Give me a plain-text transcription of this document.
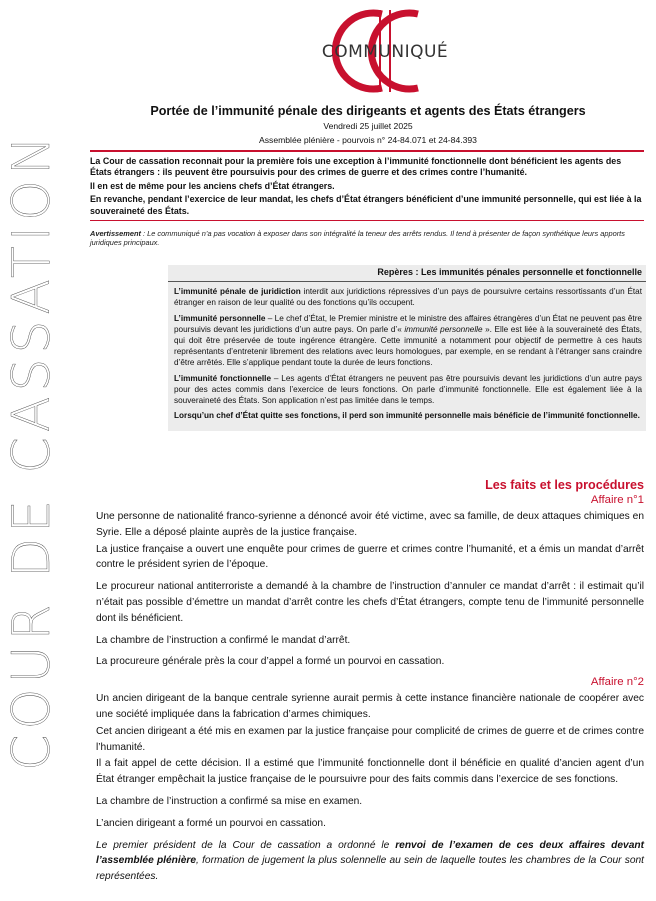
COUR DE CASSATION
COMMUNIQUÉ
Portée de l’immunité pénale des dirigeants et agents des États étrangers
Vendredi 25 juillet 2025
Assemblée plénière - pourvois n° 24-84.071 et 24-84.393

La Cour de cassation reconnait pour la première fois une exception à l’immunité fonctionnelle dont bénéficient les agents des États étrangers : ils peuvent être poursuivis pour des crimes de guerre et des crimes contre l’humanité.

Il en est de même pour les anciens chefs d’État étrangers.

En revanche, pendant l’exercice de leur mandat, les chefs d’État étrangers bénéficient d’une immunité personnelle, qui est liée à la souveraineté des États.

Avertissement : Le communiqué n’a pas vocation à exposer dans son intégralité la teneur des arrêts rendus. Il tend à présenter de façon synthétique leurs apports juridiques principaux.
Repères : Les immunités pénales personnelle et fonctionnelle

L’immunité pénale de juridiction interdit aux juridictions répressives d’un pays de poursuivre certains ressortissants d’un État étranger en raison de leur qualité ou des fonctions qu’ils occupent.

L’immunité personnelle – Le chef d’État, le Premier ministre et le ministre des affaires étrangères d’un État ne peuvent pas être poursuivis devant les juridictions d’un autre pays. On parle d’« immunité personnelle ». Elle est liée à la souveraineté des États, qui doit être préservée de toute ingérence étrangère. Cette immunité a notamment pour objectif de permettre à ces hauts représentants d’entretenir librement des relations avec leurs homologues, par exemple, en se rendant à l’étranger sans craindre d’être arrêtés. Elle s’applique pendant toute la durée de leurs fonctions.

L’immunité fonctionnelle – Les agents d’État étrangers ne peuvent pas être poursuivis devant les juridictions d’un autre pays pour des actes commis dans l’exercice de leurs fonctions. On parle d’immunité fonctionnelle. Elle est également liée à la souveraineté des États. Son application n’est pas limitée dans le temps.

Lorsqu’un chef d’État quitte ses fonctions, il perd son immunité personnelle mais bénéficie de l’immunité fonctionnelle.

Les faits et les procédures
Affaire n°1

Une personne de nationalité franco-syrienne a dénoncé avoir été victime, avec sa famille, de deux attaques chimiques en Syrie. Elle a déposé plainte auprès de la justice française.

La justice française a ouvert une enquête pour crimes de guerre et crimes contre l’humanité, et a émis un mandat d’arrêt contre le président syrien de l’époque.

Le procureur national antiterroriste a demandé à la chambre de l’instruction d’annuler ce mandat d’arrêt : il estimait qu’il n’était pas possible d’émettre un mandat d’arrêt contre les chefs d’État étrangers, compte tenu de l’immunité personnelle dont ils bénéficient.

La chambre de l’instruction a confirmé le mandat d’arrêt.

La procureure générale près la cour d’appel a formé un pourvoi en cassation.

Affaire n°2

Un ancien dirigeant de la banque centrale syrienne aurait permis à cette instance financière nationale de coopérer avec une société impliquée dans la fabrication d’armes chimiques.

Cet ancien dirigeant a été mis en examen par la justice française pour complicité de crimes de guerre et de crimes contre l’humanité.

Il a fait appel de cette décision. Il a estimé que l’immunité fonctionnelle dont il bénéficie en qualité d’ancien agent d’un État étranger empêchait la justice française de le poursuivre pour des faits commis dans l’exercice de ses fonctions.

La chambre de l’instruction a confirmé sa mise en examen.

L’ancien dirigeant a formé un pourvoi en cassation.

Le premier président de la Cour de cassation a ordonné le renvoi de l’examen de ces deux affaires devant l’assemblée plénière, formation de jugement la plus solennelle au sein de laquelle toutes les chambres de la Cour sont représentées.
